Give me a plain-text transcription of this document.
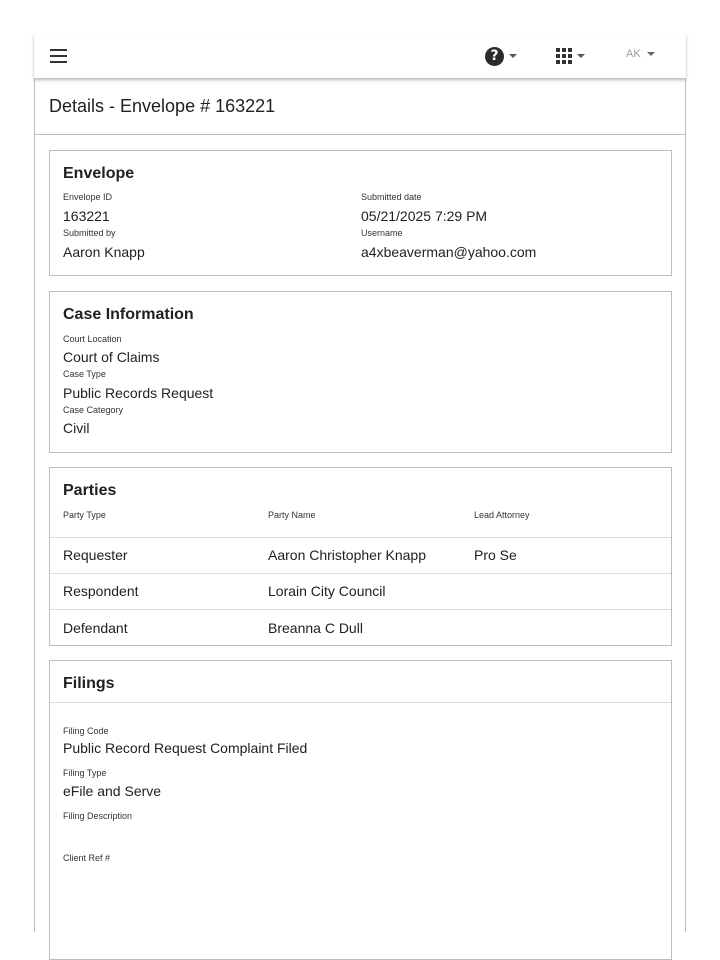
?	AK
Details - Envelope # 163221
Envelope
Envelope ID
163221
Submitted date
05/21/2025 7:29 PM
Submitted by
Aaron Knapp
Username
a4xbeaverman@yahoo.com
Case Information
Court Location
Court of Claims
Case Type
Public Records Request
Case Category
Civil
Parties
Party Type	Party Name	Lead Attorney
Requester	Aaron Christopher Knapp	Pro Se
Respondent	Lorain City Council
Defendant	Breanna C Dull
Filings
Filing Code
Public Record Request Complaint Filed
Filing Type
eFile and Serve
Filing Description
Client Ref #
